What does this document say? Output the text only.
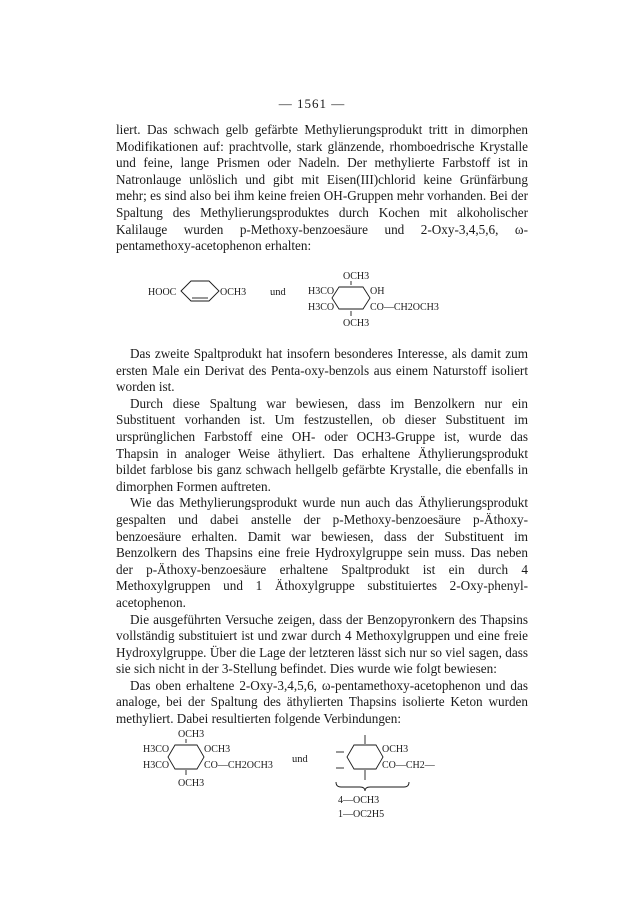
— 1561 —

liert. Das schwach gelb gefärbte Methylierungsprodukt tritt in dimorphen Modifikationen auf: prachtvolle, stark glänzende, rhomboedrische Krystalle und feine, lange Prismen oder Nadeln. Der methylierte Farbstoff ist in Natronlauge unlöslich und gibt mit Eisen(III)chlorid keine Grünfärbung mehr; es sind also bei ihm keine freien OH-Gruppen mehr vorhanden. Bei der Spaltung des Methylierungsproduktes durch Kochen mit alkoholischer Kalilauge wurden p-Methoxy-benzoesäure und 2-Oxy-3,4,5,6, ω-pentamethoxy-acetophenon erhalten:

HOOC	OCH3 und
OCH3
H3CO	OH
H3CO	CO—CH2OCH3
OCH3
OCH3
H3CO	OCH3
H3CO	CO—CH2OCH3
OCH3
und
OCH3
CO—CH2—
4—OCH3
1—OC2H5

Das zweite Spaltprodukt hat insofern besonderes Interesse, als damit zum ersten Male ein Derivat des Penta-oxy-benzols aus einem Naturstoff isoliert worden ist.

Durch diese Spaltung war bewiesen, dass im Benzolkern nur ein Substituent vorhanden ist. Um festzustellen, ob dieser Substituent im ursprünglichen Farbstoff eine OH- oder OCH3-Gruppe ist, wurde das Thapsin in analoger Weise äthyliert. Das erhaltene Äthylierungsprodukt bildet farblose bis ganz schwach hellgelb gefärbte Krystalle, die ebenfalls in dimorphen Formen auftreten.

Wie das Methylierungsprodukt wurde nun auch das Äthylierungsprodukt gespalten und dabei anstelle der p-Methoxy-benzoesäure p-Äthoxy-benzoesäure erhalten. Damit war bewiesen, dass der Substituent im Benzolkern des Thapsins eine freie Hydroxylgruppe sein muss. Das neben der p-Äthoxy-benzoesäure erhaltene Spaltprodukt ist ein durch 4 Methoxylgruppen und 1 Äthoxylgruppe substituiertes 2-Oxy-phenyl-acetophenon.

Die ausgeführten Versuche zeigen, dass der Benzopyronkern des Thapsins vollständig substituiert ist und zwar durch 4 Methoxylgruppen und eine freie Hydroxylgruppe. Über die Lage der letzteren lässt sich nur so viel sagen, dass sie sich nicht in der 3-Stellung befindet. Dies wurde wie folgt bewiesen:

Das oben erhaltene 2-Oxy-3,4,5,6, ω-pentamethoxy-acetophenon und das analoge, bei der Spaltung des äthylierten Thapsins isolierte Keton wurden methyliert. Dabei resultierten folgende Verbindungen:
